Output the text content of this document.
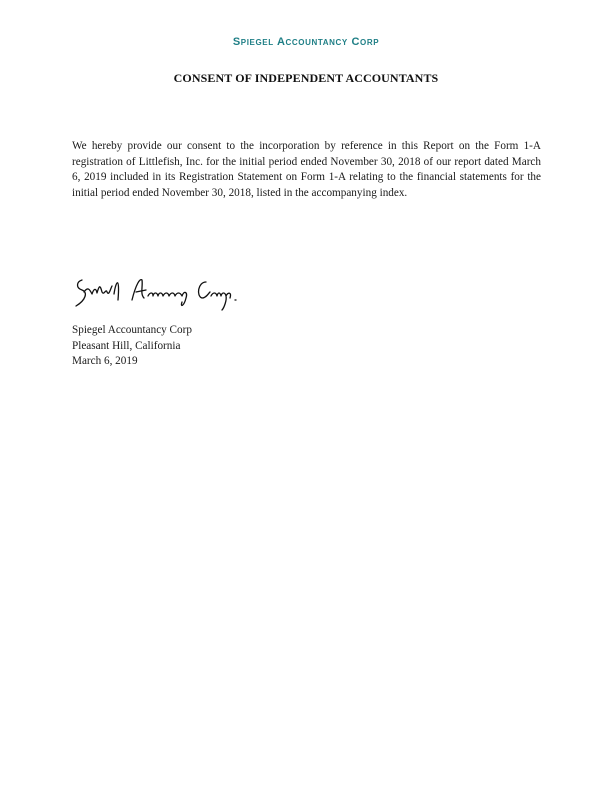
Spiegel Accountancy Corp
CONSENT OF INDEPENDENT ACCOUNTANTS
We hereby provide our consent to the incorporation by reference in this Report on the Form 1-A registration of Littlefish, Inc. for the initial period ended November 30, 2018 of our report dated March 6, 2019 included in its Registration Statement on Form 1-A relating to the financial statements for the initial period ended November 30, 2018, listed in the accompanying index.
Spiegel Accountancy Corp
Pleasant Hill, California
March 6, 2019
